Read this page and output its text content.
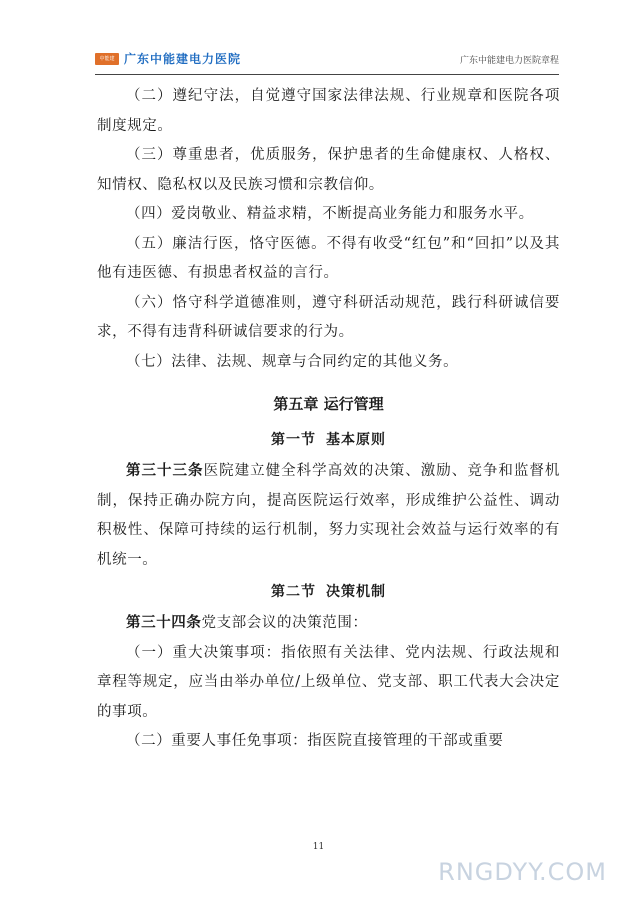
中能建 广东中能建电力医院	广东中能建电力医院章程

（二）遵纪守法，自觉遵守国家法律法规、行业规章和医院各项制度规定。

（三）尊重患者，优质服务，保护患者的生命健康权、人格权、知情权、隐私权以及民族习惯和宗教信仰。

（四）爱岗敬业、精益求精，不断提高业务能力和服务水平。

（五）廉洁行医，恪守医德。不得有收受“红包”和“回扣”以及其他有违医德、有损患者权益的言行。

（六）恪守科学道德准则，遵守科研活动规范，践行科研诚信要求，不得有违背科研诚信要求的行为。

（七）法律、法规、规章与合同约定的其他义务。

第五章 运行管理
第一节 基本原则

第三十三条医院建立健全科学高效的决策、激励、竞争和监督机制，保持正确办院方向，提高医院运行效率，形成维护公益性、调动积极性、保障可持续的运行机制，努力实现社会效益与运行效率的有机统一。

第二节 决策机制

第三十四条党支部会议的决策范围：

（一）重大决策事项：指依照有关法律、党内法规、行政法规和章程等规定，应当由举办单位/上级单位、党支部、职工代表大会决定的事项。

（二）重要人事任免事项：指医院直接管理的干部或重要

11
RNGDYY.COM
